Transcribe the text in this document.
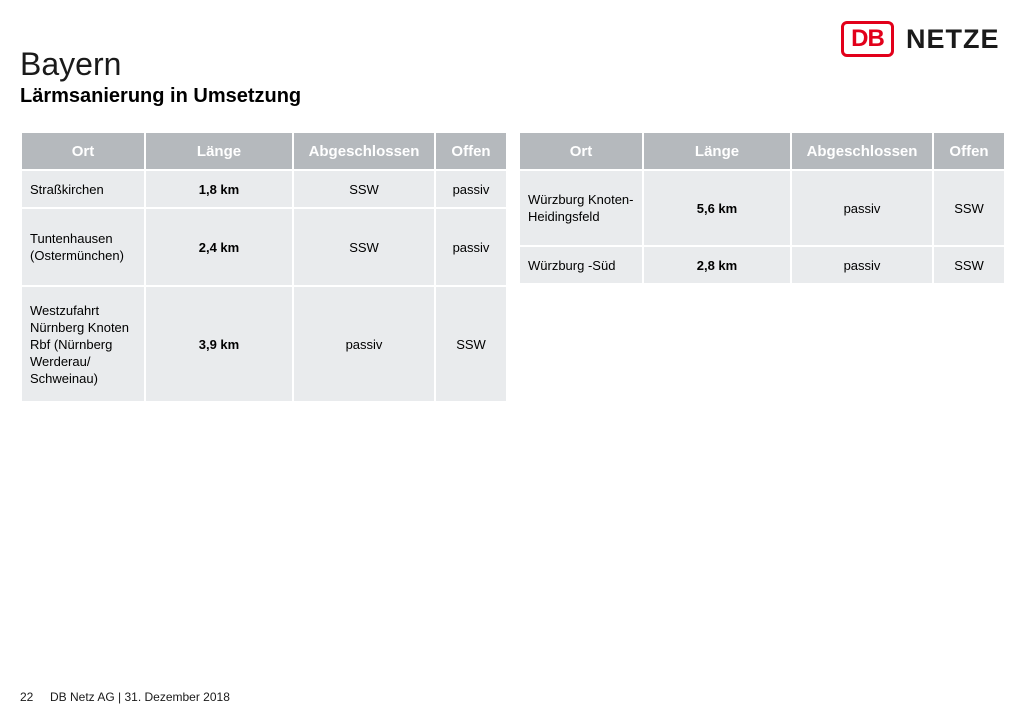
Bayern
Lärmsanierung in Umsetzung
DB NETZE
Ort	Länge	Abgeschlossen	Offen
Straßkirchen	1,8 km	SSW	passiv
Tuntenhausen (Ostermünchen)	2,4 km	SSW	passiv
Westzufahrt Nürnberg Knoten Rbf (Nürnberg Werderau/ Schweinau)	3,9 km	passiv	SSW
Ort	Länge	Abgeschlossen	Offen
Würzburg Knoten-Heidingsfeld	5,6 km	passiv	SSW
Würzburg -Süd	2,8 km	passiv	SSW
22 DB Netz AG | 31. Dezember 2018
